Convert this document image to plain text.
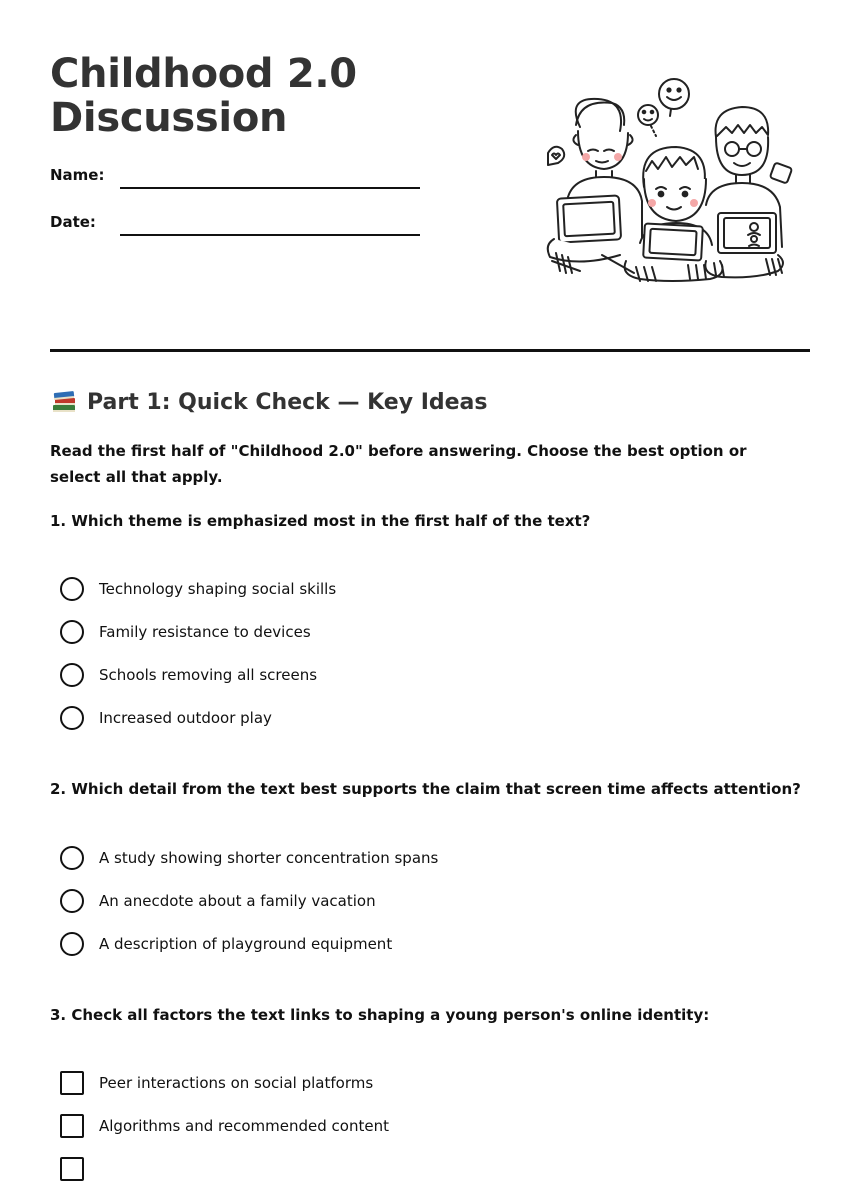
Childhood 2.0
Discussion
Name:
Date:
Part 1: Quick Check — Key Ideas

Read the first half of "Childhood 2.0" before answering. Choose the best option or select all that apply.

1. Which theme is emphasized most in the first half of the text?

Technology shaping social skills
Family resistance to devices
Schools removing all screens
Increased outdoor play

2. Which detail from the text best supports the claim that screen time affects attention?

A study showing shorter concentration spans
An anecdote about a family vacation
A description of playground equipment

3. Check all factors the text links to shaping a young person's online identity:

Peer interactions on social platforms
Algorithms and recommended content
